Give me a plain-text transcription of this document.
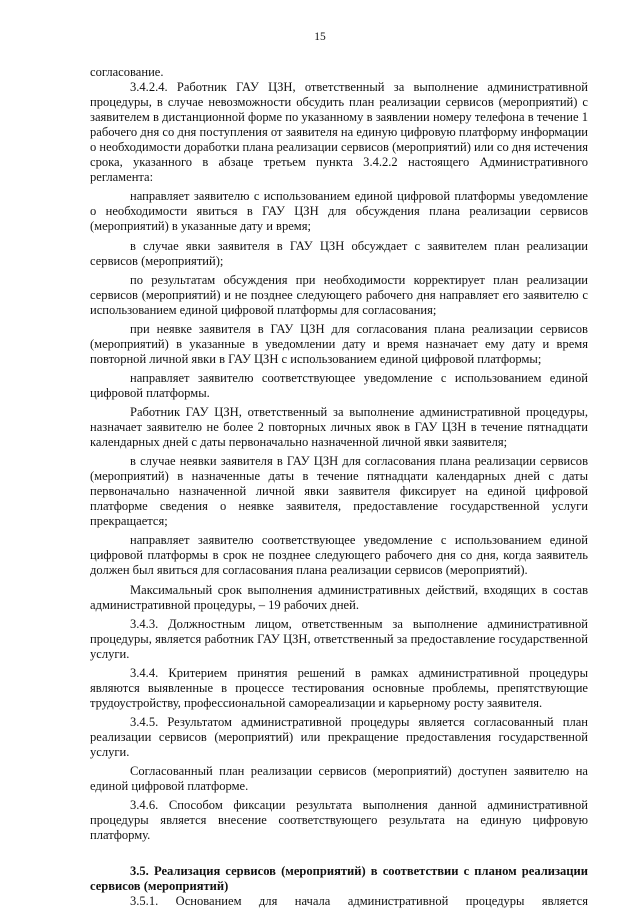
15

согласование.

3.4.2.4. Работник ГАУ ЦЗН, ответственный за выполнение административной процедуры, в случае невозможности обсудить план реализации сервисов (мероприятий) с заявителем в дистанционной форме по указанному в заявлении номеру телефона в течение 1 рабочего дня со дня поступления от заявителя на единую цифровую платформу информации о необходимости доработки плана реализации сервисов (мероприятий) или со дня истечения срока, указанного в абзаце третьем пункта 3.4.2.2 настоящего Административного регламента:

направляет заявителю с использованием единой цифровой платформы уведомление о необходимости явиться в ГАУ ЦЗН для обсуждения плана реализации сервисов (мероприятий) в указанные дату и время;

в случае явки заявителя в ГАУ ЦЗН обсуждает с заявителем план реализации сервисов (мероприятий);

по результатам обсуждения при необходимости корректирует план реализации сервисов (мероприятий) и не позднее следующего рабочего дня направляет его заявителю с использованием единой цифровой платформы для согласования;

при неявке заявителя в ГАУ ЦЗН для согласования плана реализации сервисов (мероприятий) в указанные в уведомлении дату и время назначает ему дату и время повторной личной явки в ГАУ ЦЗН с использованием единой цифровой платформы;

направляет заявителю соответствующее уведомление с использованием единой цифровой платформы.

Работник ГАУ ЦЗН, ответственный за выполнение административной процедуры, назначает заявителю не более 2 повторных личных явок в ГАУ ЦЗН в течение пятнадцати календарных дней с даты первоначально назначенной личной явки заявителя;

в случае неявки заявителя в ГАУ ЦЗН для согласования плана реализации сервисов (мероприятий) в назначенные даты в течение пятнадцати календарных дней с даты первоначально назначенной личной явки заявителя фиксирует на единой цифровой платформе сведения о неявке заявителя, предоставление государственной услуги прекращается;

направляет заявителю соответствующее уведомление с использованием единой цифровой платформы в срок не позднее следующего рабочего дня со дня, когда заявитель должен был явиться для согласования плана реализации сервисов (мероприятий).

Максимальный срок выполнения административных действий, входящих в состав административной процедуры, – 19 рабочих дней.

3.4.3. Должностным лицом, ответственным за выполнение административной процедуры, является работник ГАУ ЦЗН, ответственный за предоставление государственной услуги.

3.4.4. Критерием принятия решений в рамках административной процедуры являются выявленные в процессе тестирования основные проблемы, препятствующие трудоустройству, профессиональной самореализации и карьерному росту заявителя.

3.4.5. Результатом административной процедуры является согласованный план реализации сервисов (мероприятий) или прекращение предоставления государственной услуги.

Согласованный план реализации сервисов (мероприятий) доступен заявителю на единой цифровой платформе.

3.4.6. Способом фиксации результата выполнения данной административной процедуры является внесение соответствующего результата на единую цифровую платформу.

3.5. Реализация сервисов (мероприятий) в соответствии с планом реализации сервисов (мероприятий)

3.5.1. Основанием для начала административной процедуры является
